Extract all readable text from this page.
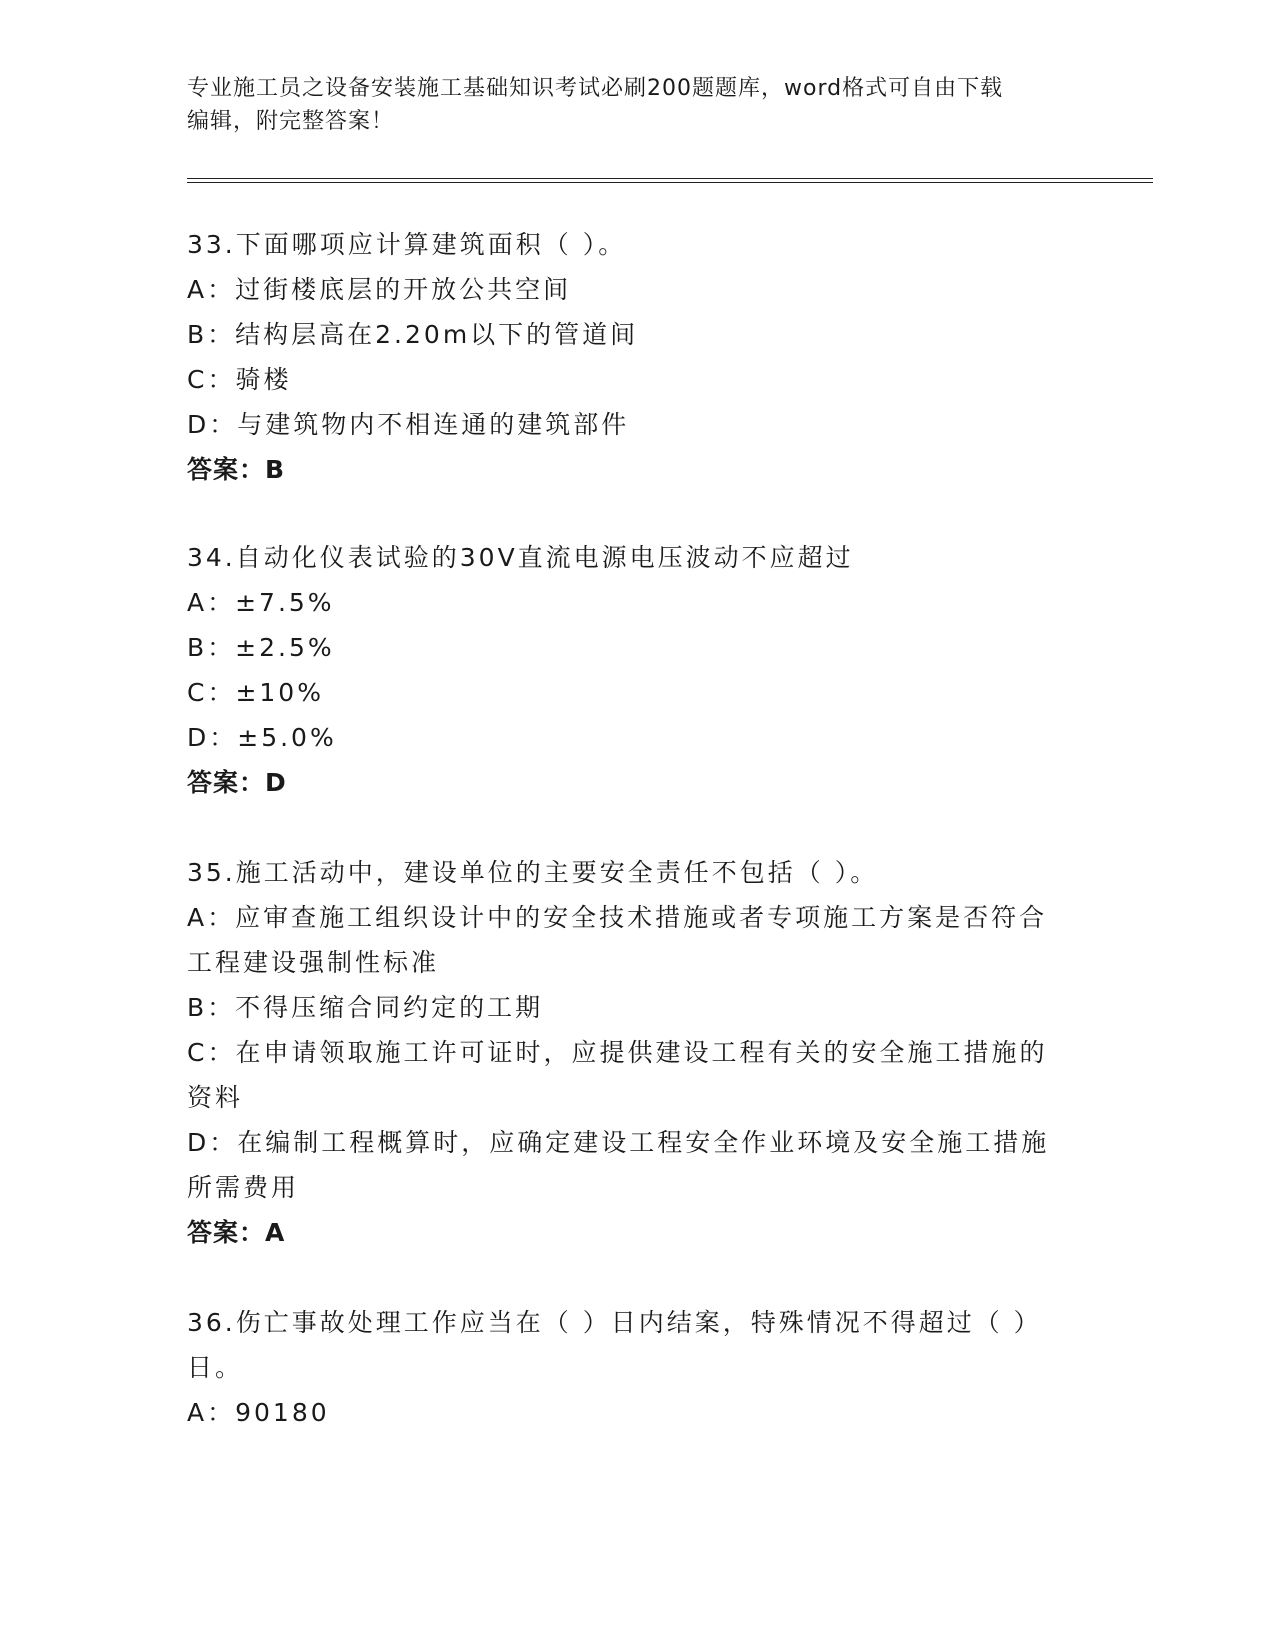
专业施工员之设备安装施工基础知识考试必刷200题题库，word格式可自由下载
编辑，附完整答案！
33.下面哪项应计算建筑面积（ ）。
A：过街楼底层的开放公共空间
B：结构层高在2.20m以下的管道间
C：骑楼
D：与建筑物内不相连通的建筑部件
答案：B
34.自动化仪表试验的30V直流电源电压波动不应超过
A：±7.5%
B：±2.5%
C：±10%
D：±5.0%
答案：D
35.施工活动中，建设单位的主要安全责任不包括（ ）。
A：应审查施工组织设计中的安全技术措施或者专项施工方案是否符合工程建设强制性标准
B：不得压缩合同约定的工期
C：在申请领取施工许可证时，应提供建设工程有关的安全施工措施的资料
D：在编制工程概算时，应确定建设工程安全作业环境及安全施工措施所需费用
答案：A
36.伤亡事故处理工作应当在（ ）日内结案，特殊情况不得超过（ ）日。
A：90180
